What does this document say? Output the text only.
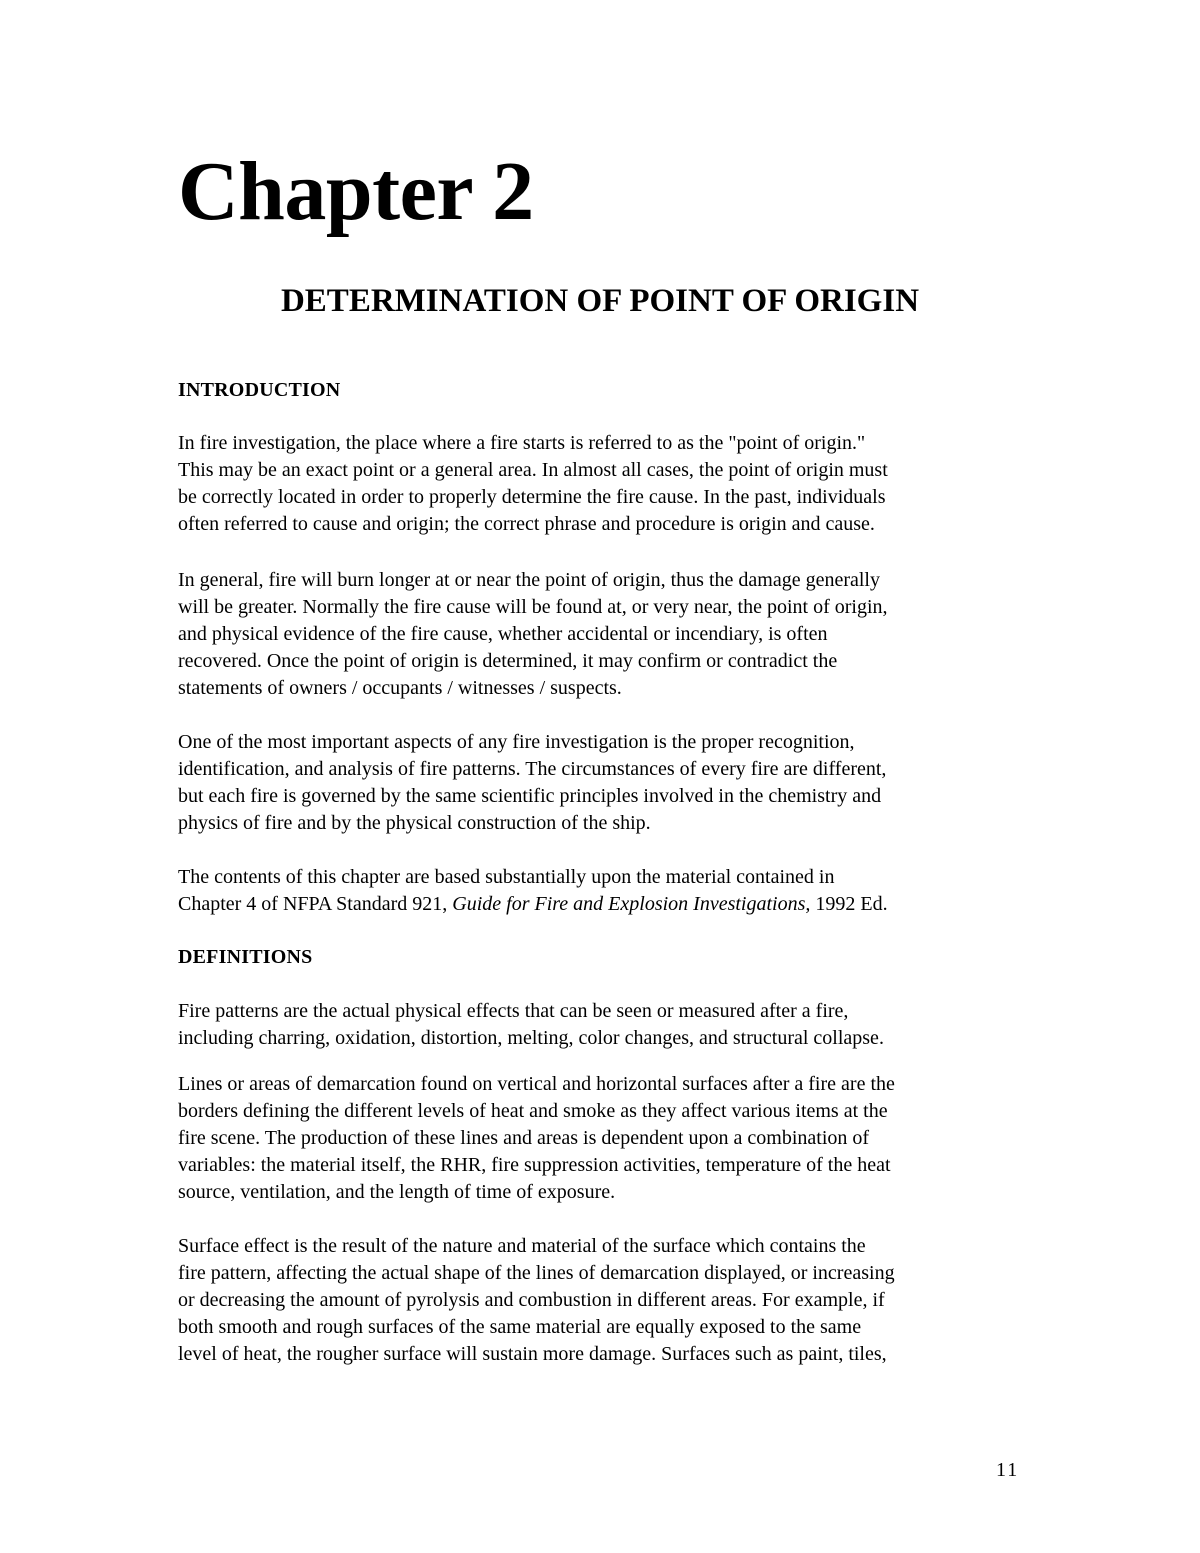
Chapter 2
DETERMINATION OF POINT OF ORIGIN
INTRODUCTION

In fire investigation, the place where a fire starts is referred to as the "point of origin."
This may be an exact point or a general area. In almost all cases, the point of origin must
be correctly located in order to properly determine the fire cause. In the past, individuals
often referred to cause and origin; the correct phrase and procedure is origin and cause.

In general, fire will burn longer at or near the point of origin, thus the damage generally
will be greater. Normally the fire cause will be found at, or very near, the point of origin,
and physical evidence of the fire cause, whether accidental or incendiary, is often
recovered. Once the point of origin is determined, it may confirm or contradict the
statements of owners / occupants / witnesses / suspects.

One of the most important aspects of any fire investigation is the proper recognition,
identification, and analysis of fire patterns. The circumstances of every fire are different,
but each fire is governed by the same scientific principles involved in the chemistry and
physics of fire and by the physical construction of the ship.

The contents of this chapter are based substantially upon the material contained in
Chapter 4 of NFPA Standard 921, Guide for Fire and Explosion Investigations, 1992 Ed.

DEFINITIONS

Fire patterns are the actual physical effects that can be seen or measured after a fire,
including charring, oxidation, distortion, melting, color changes, and structural collapse.

Lines or areas of demarcation found on vertical and horizontal surfaces after a fire are the
borders defining the different levels of heat and smoke as they affect various items at the
fire scene. The production of these lines and areas is dependent upon a combination of
variables: the material itself, the RHR, fire suppression activities, temperature of the heat
source, ventilation, and the length of time of exposure.

Surface effect is the result of the nature and material of the surface which contains the
fire pattern, affecting the actual shape of the lines of demarcation displayed, or increasing
or decreasing the amount of pyrolysis and combustion in different areas. For example, if
both smooth and rough surfaces of the same material are equally exposed to the same
level of heat, the rougher surface will sustain more damage. Surfaces such as paint, tiles,

11
